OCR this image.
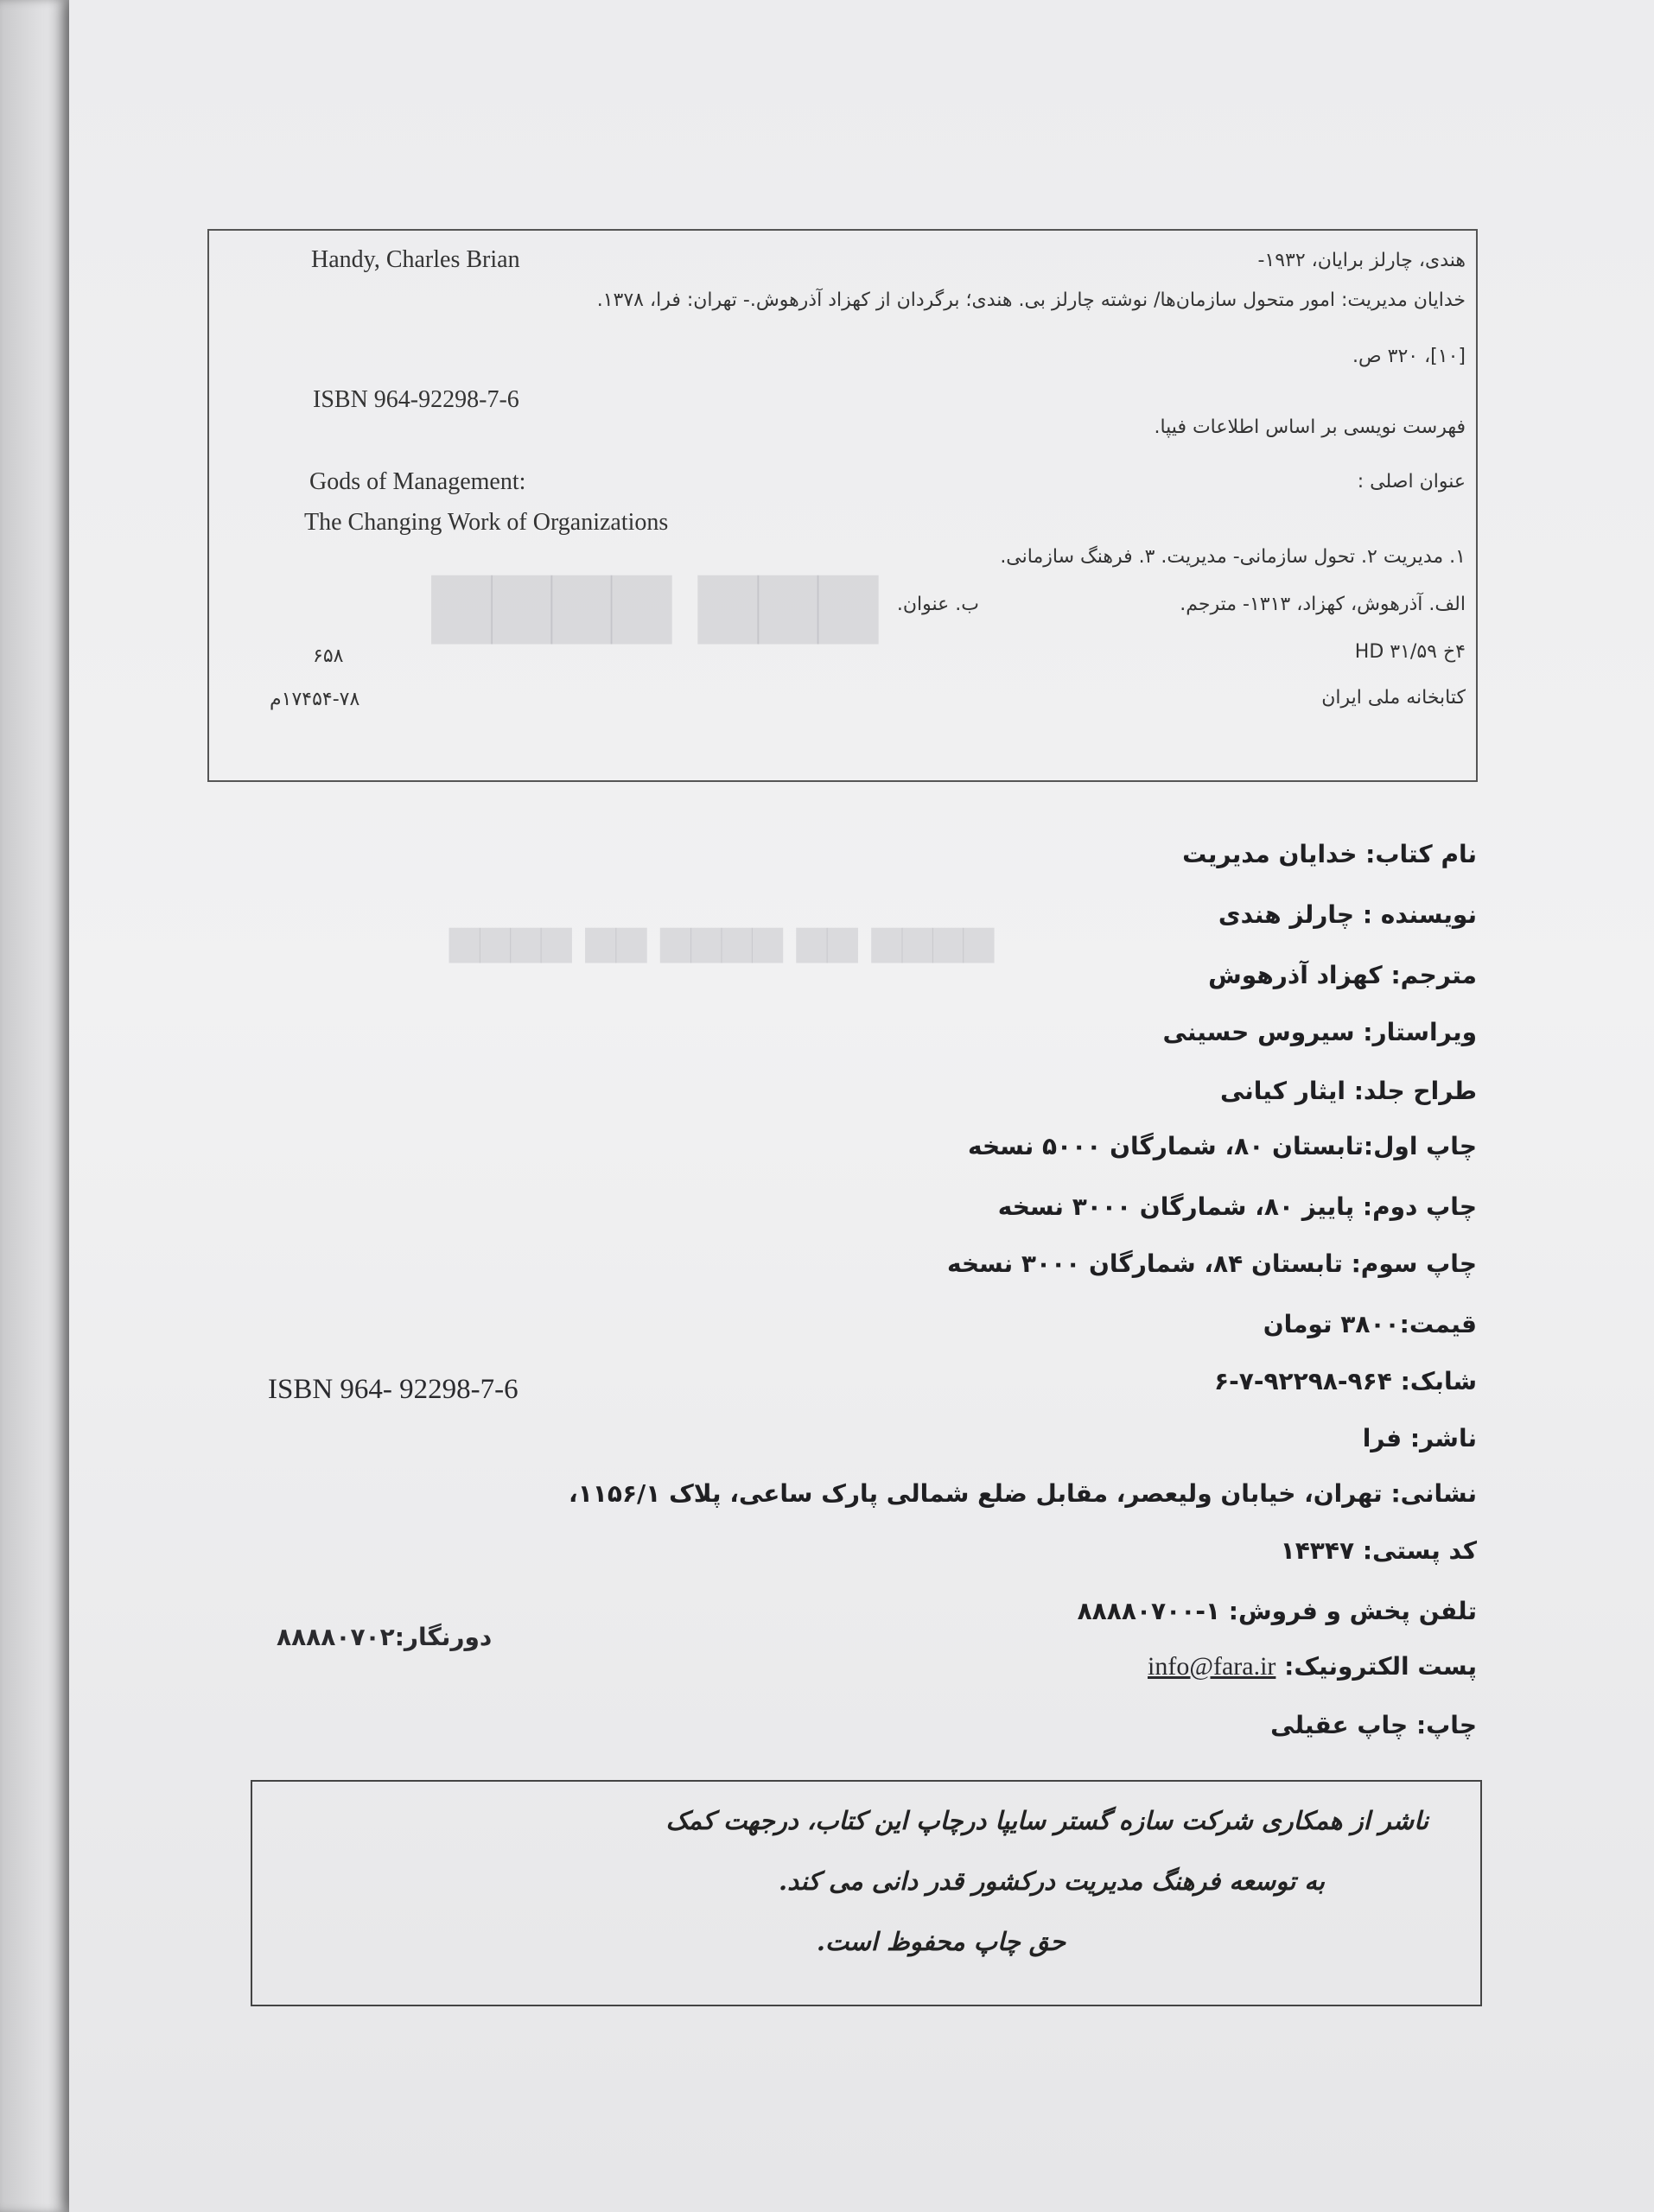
▆▆▆▆ ▆▆▆
▆▆▆▆ ▆▆ ▆▆▆▆ ▆▆ ▆▆▆▆
Handy, Charles Brian	هندی، چارلز برایان، ۱۹۳۲-
خدایان مدیریت: امور متحول سازمان‌ها/ نوشته چارلز بی. هندی؛ برگردان از کهزاد آذرهوش.- تهران: فرا، ۱۳۷۸.
[۱۰]، ۳۲۰ ص.
ISBN 964-92298-7-6
فهرست نویسی بر اساس اطلاعات فیپا.
Gods of Management:	عنوان اصلی :
The Changing Work of Organizations
۱. مدیریت ۲. تحول سازمانی- مدیریت. ۳. فرهنگ سازمانی.
الف. آذرهوش، کهزاد، ۱۳۱۳- مترجم.
ب. عنوان.
۶۵۸	۴خ ۳۱/۵۹ HD
۱۷۴۵۴-۷۸م	کتابخانه ملی ایران
نام کتاب: خدایان مدیریت
نویسنده : چارلز هندی
مترجم: کهزاد آذرهوش
ویراستار: سیروس حسینی
طراح جلد: ایثار کیانی
چاپ اول:تابستان ۸۰، شمارگان ۵۰۰۰ نسخه
چاپ دوم: پاییز ۸۰، شمارگان ۳۰۰۰ نسخه
چاپ سوم: تابستان ۸۴، شمارگان ۳۰۰۰ نسخه
قیمت:۳۸۰۰ تومان
شابک: ۹۶۴-۹۲۲۹۸-۷-۶
ناشر: فرا
نشانی: تهران، خیابان ولیعصر، مقابل ضلع شمالی پارک ساعی، پلاک ۱۱۵۶/۱،
کد پستی: ۱۴۳۴۷
تلفن پخش و فروش: ۱-۸۸۸۸۰۷۰۰
پست الکترونیک: info@fara.ir
چاپ: چاپ عقیلی
ISBN 964- 92298-7-6
دورنگار:۸۸۸۸۰۷۰۲
ناشر از همکاری شرکت سازه گستر سایپا درچاپ این کتاب، درجهت کمک
به توسعه فرهنگ مدیریت درکشور قدر دانی می کند.
حق چاپ محفوظ است.
